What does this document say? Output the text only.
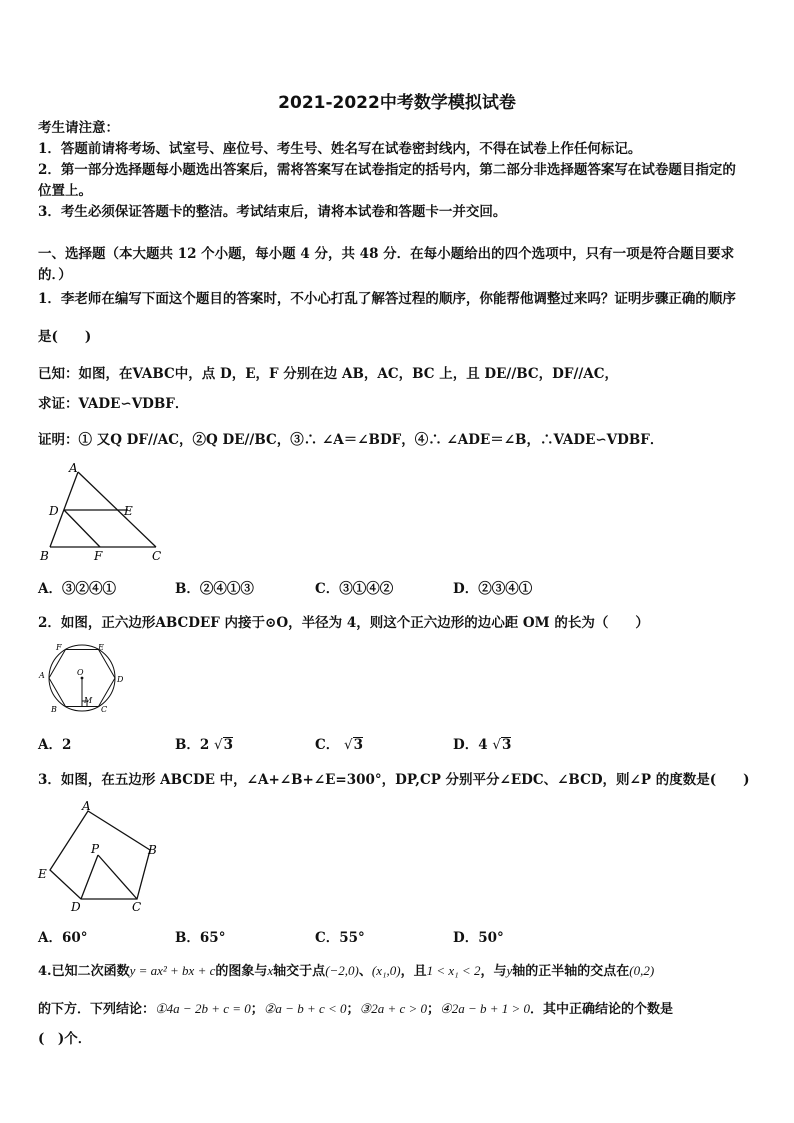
2021-2022中考数学模拟试卷
考生请注意：
1．答题前请将考场、试室号、座位号、考生号、姓名写在试卷密封线内，不得在试卷上作任何标记。
2．第一部分选择题每小题选出答案后，需将答案写在试卷指定的括号内，第二部分非选择题答案写在试卷题目指定的
位置上。
3．考生必须保证答题卡的整洁。考试结束后，请将本试卷和答题卡一并交回。
一、选择题（本大题共 12 个小题，每小题 4 分，共 48 分．在每小题给出的四个选项中，只有一项是符合题目要求
的．）
1．李老师在编写下面这个题目的答案时，不小心打乱了解答过程的顺序，你能帮他调整过来吗？证明步骤正确的顺序
是(　　)
已知：如图，在VABC中，点 D，E，F 分别在边 AB，AC，BC 上，且 DE//BC，DF//AC，
求证：VADE∽VDBF．
证明：① 又Q DF//AC，②Q DE//BC，③∴ ∠A＝∠BDF，④∴ ∠ADE＝∠B，∴VADE∽VDBF．
A
D	E
B	F	C
A．③②④①	B．②④①③	C．③①④②	D．②③④①
2．如图，正六边形ABCDEF 内接于⊙O，半径为 4，则这个正六边形的边心距 OM 的长为（　　）
F	E
A	D
B	C
O
M
A．2	B．2 √3	C． √3	D．4 √3
3．如图，在五边形 ABCDE 中，∠A+∠B+∠E=300°，DP,CP 分别平分∠EDC、∠BCD，则∠P 的度数是(　　)
A
B
E
P
D	C
A．60°	B．65°	C．55°	D．50°
4.已知二次函数y = ax² + bx + c的图象与x轴交于点(−2,0)、(x₁,0)，且1 < x₁ < 2，与y轴的正半轴的交点在(0,2)
的下方．下列结论：①4a − 2b + c = 0；②a − b + c < 0；③2a + c > 0；④2a − b + 1 > 0．其中正确结论的个数是
(　)个．
